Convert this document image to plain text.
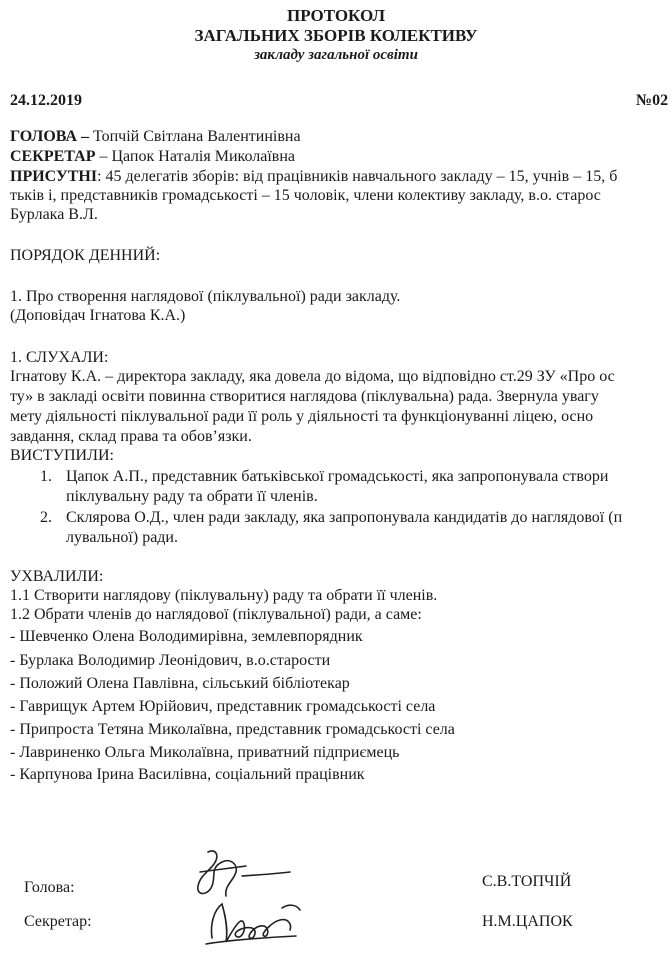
ПРОТОКОЛ
ЗАГАЛЬНИХ ЗБОРІВ КОЛЕКТИВУ
закладу загальної освіти
24.12.2019	№02
ГОЛОВА – Топчій Світлана Валентинівна
СЕКРЕТАР – Цапок Наталія Миколаївна
ПРИСУТНІ: 45 делегатів зборів: від працівників навчального закладу – 15, учнів – 15, б
тьків і, представників громадськості – 15 чоловік, члени колективу закладу, в.о. старос
Бурлака В.Л.
ПОРЯДОК ДЕННИЙ:
1. Про створення наглядової (піклувальної) ради закладу.
(Доповідач Ігнатова К.А.)
1. СЛУХАЛИ:
Ігнатову К.А. – директора закладу, яка довела до відома, що відповідно ст.29 ЗУ «Про ос
ту» в закладі освіти повинна створитися наглядова (піклувальна) рада. Звернула увагу
мету діяльності піклувальної ради її роль у діяльності та функціонуванні ліцею, осно
завдання, склад права та обов’язки.
ВИСТУПИЛИ:
1. Цапок А.П., представник батьківської громадськості, яка запропонувала створи
піклувальну раду та обрати її членів.
2. Склярова О.Д., член ради закладу, яка запропонувала кандидатів до наглядової (п
лувальної) ради.
УХВАЛИЛИ:
1.1 Створити наглядову (піклувальну) раду та обрати її членів.
1.2 Обрати членів до наглядової (піклувальної) ради, а саме:
- Шевченко Олена Володимирівна, землевпорядник
- Бурлака Володимир Леонідович, в.о.старости
- Положий Олена Павлівна, сільський бібліотекар
- Гаврищук Артем Юрійович, представник громадськості села
- Припроста Тетяна Миколаївна, представник громадськості села
- Лавриненко Ольга Миколаївна, приватний підприємець
- Карпунова Ірина Василівна, соціальний працівник
Голова:
Секретар:
С.В.ТОПЧІЙ
Н.М.ЦАПОК
